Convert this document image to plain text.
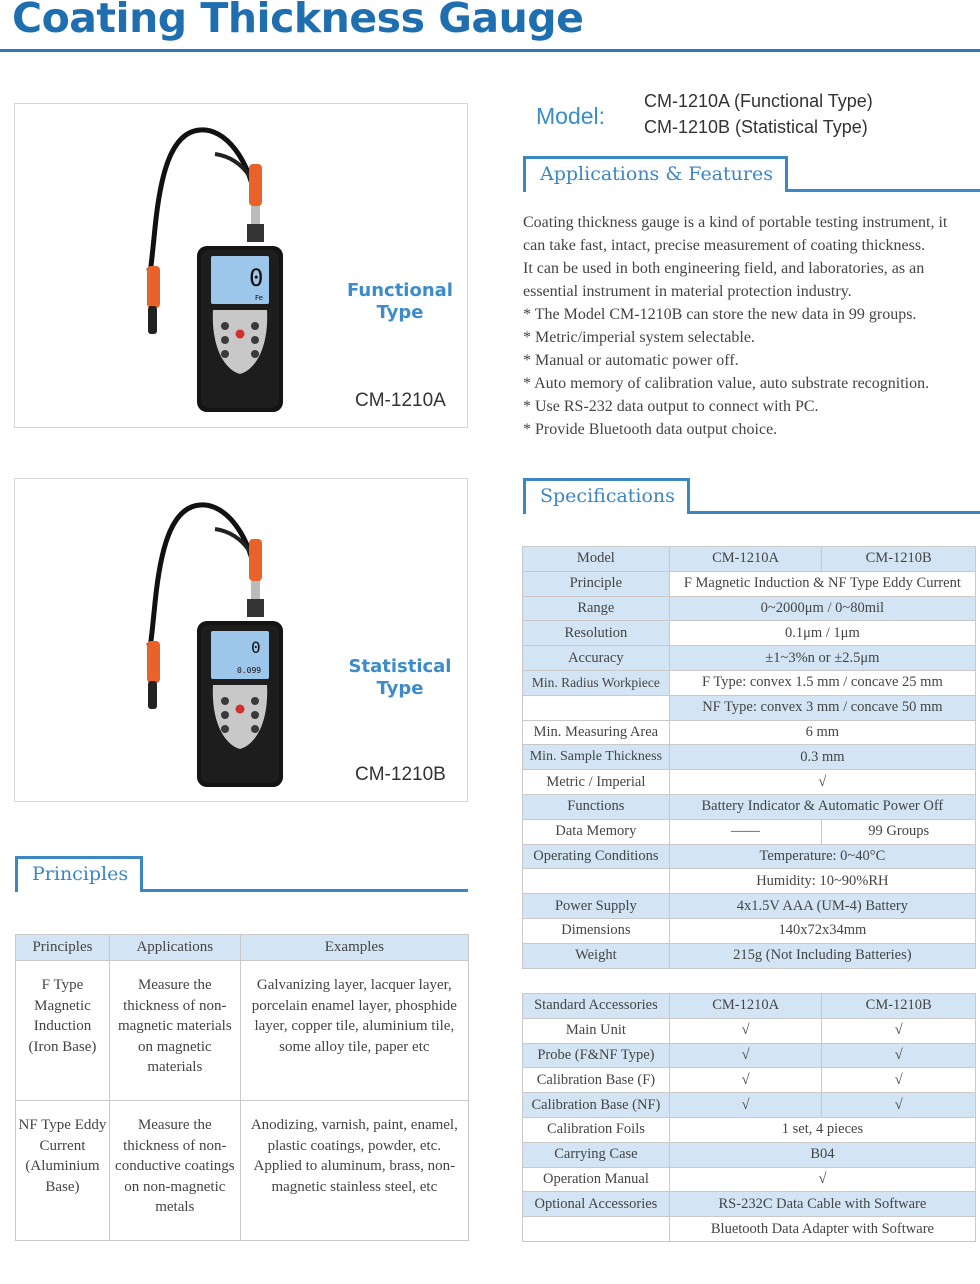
Coating Thickness Gauge
0
Fe	Functional Type
CM-1210A
0
0.099	Statistical Type
CM-1210B
Model:
CM-1210A (Functional Type)
CM-1210B (Statistical Type)
Applications & Features
Coating thickness gauge is a kind of portable testing instrument, it
can take fast, intact, precise measurement of coating thickness.
It can be used in both engineering field, and laboratories, as an
essential instrument in material protection industry.
* The Model CM-1210B can store the new data in 99 groups.
* Metric/imperial system selectable.
* Manual or automatic power off.
* Auto memory of calibration value, auto substrate recognition.
* Use RS-232 data output to connect with PC.
* Provide Bluetooth data output choice.
Specifications
Principles
Principles	Applications	Examples
F Type Magnetic Induction (Iron Base)	Measure the thickness of non-magnetic materials on magnetic materials	Galvanizing layer, lacquer layer, porcelain enamel layer, phosphide layer, copper tile, aluminium tile, some alloy tile, paper etc
NF Type Eddy Current (Aluminium Base)	Measure the thickness of non-conductive coatings on non-magnetic metals	Anodizing, varnish, paint, enamel, plastic coatings, powder, etc. Applied to aluminum, brass, non-magnetic stainless steel, etc
Model	CM-1210A	CM-1210B
Principle	F Magnetic Induction & NF Type Eddy Current	
Range	0~2000μm / 0~80mil	
Resolution	0.1μm / 1μm	
Accuracy	±1~3%n or ±2.5μm	
Min. Radius Workpiece	F Type: convex 1.5 mm / concave 25 mm	
	NF Type: convex 3 mm / concave 50 mm	
Min. Measuring Area	6 mm	
Min. Sample Thickness	0.3 mm	
Metric / Imperial	√	
Functions	Battery Indicator & Automatic Power Off	
Data Memory	——	99 Groups
Operating Conditions	Temperature: 0~40°C	
	Humidity: 10~90%RH	
Power Supply	4x1.5V AAA (UM-4) Battery	
Dimensions	140x72x34mm	
Weight	215g (Not Including Batteries)	
Standard Accessories	CM-1210A	CM-1210B
Main Unit	√	√
Probe (F&NF Type)	√	√
Calibration Base (F)	√	√
Calibration Base (NF)	√	√
Calibration Foils	1 set, 4 pieces	
Carrying Case	B04	
Operation Manual	√	
Optional Accessories	RS-232C Data Cable with Software	
	Bluetooth Data Adapter with Software	
